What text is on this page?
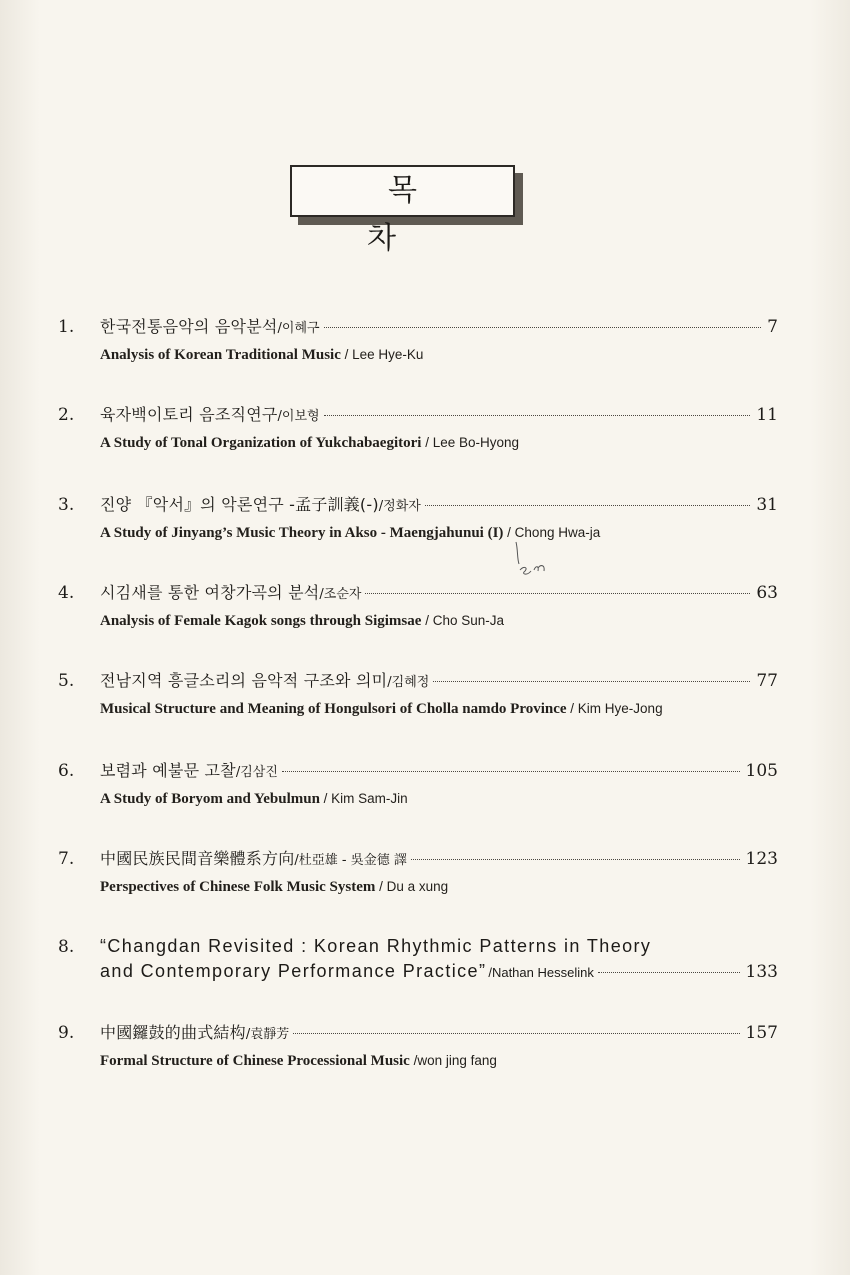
목 차
1.	한국전통음악의 음악분석 /이혜구	7
Analysis of Korean Traditional Music / Lee Hye-Ku
2.	육자백이토리 음조직연구 /이보형	11
A Study of Tonal Organization of Yukchabaegitori / Lee Bo-Hyong
3.	진양 『악서』의 악론연구 -孟子訓義(-) /정화자	31
A Study of Jinyang’s Music Theory in Akso - Maengjahunui (I) / Chong Hwa-ja
4.	시김새를 통한 여창가곡의 분석 /조순자	63
Analysis of Female Kagok songs through Sigimsae / Cho Sun-Ja
5.	전남지역 흥글소리의 음악적 구조와 의미 /김혜정	77
Musical Structure and Meaning of Hongulsori of Cholla namdo Province / Kim Hye-Jong
6.	보렴과 예불문 고찰 /김삼진	105
A Study of Boryom and Yebulmun / Kim Sam-Jin
7.	中國民族民間音樂體系方向 /杜亞雄 - 吳金德 譯	123
Perspectives of Chinese Folk Music System / Du a xung
8.	“Changdan Revisited : Korean Rhythmic Patterns in Theory
and Contemporary Performance Practice” /Nathan Hesselink	133
9.	中國鑼鼓的曲式結构 /袁靜芳	157
Formal Structure of Chinese Processional Music /won jing fang
